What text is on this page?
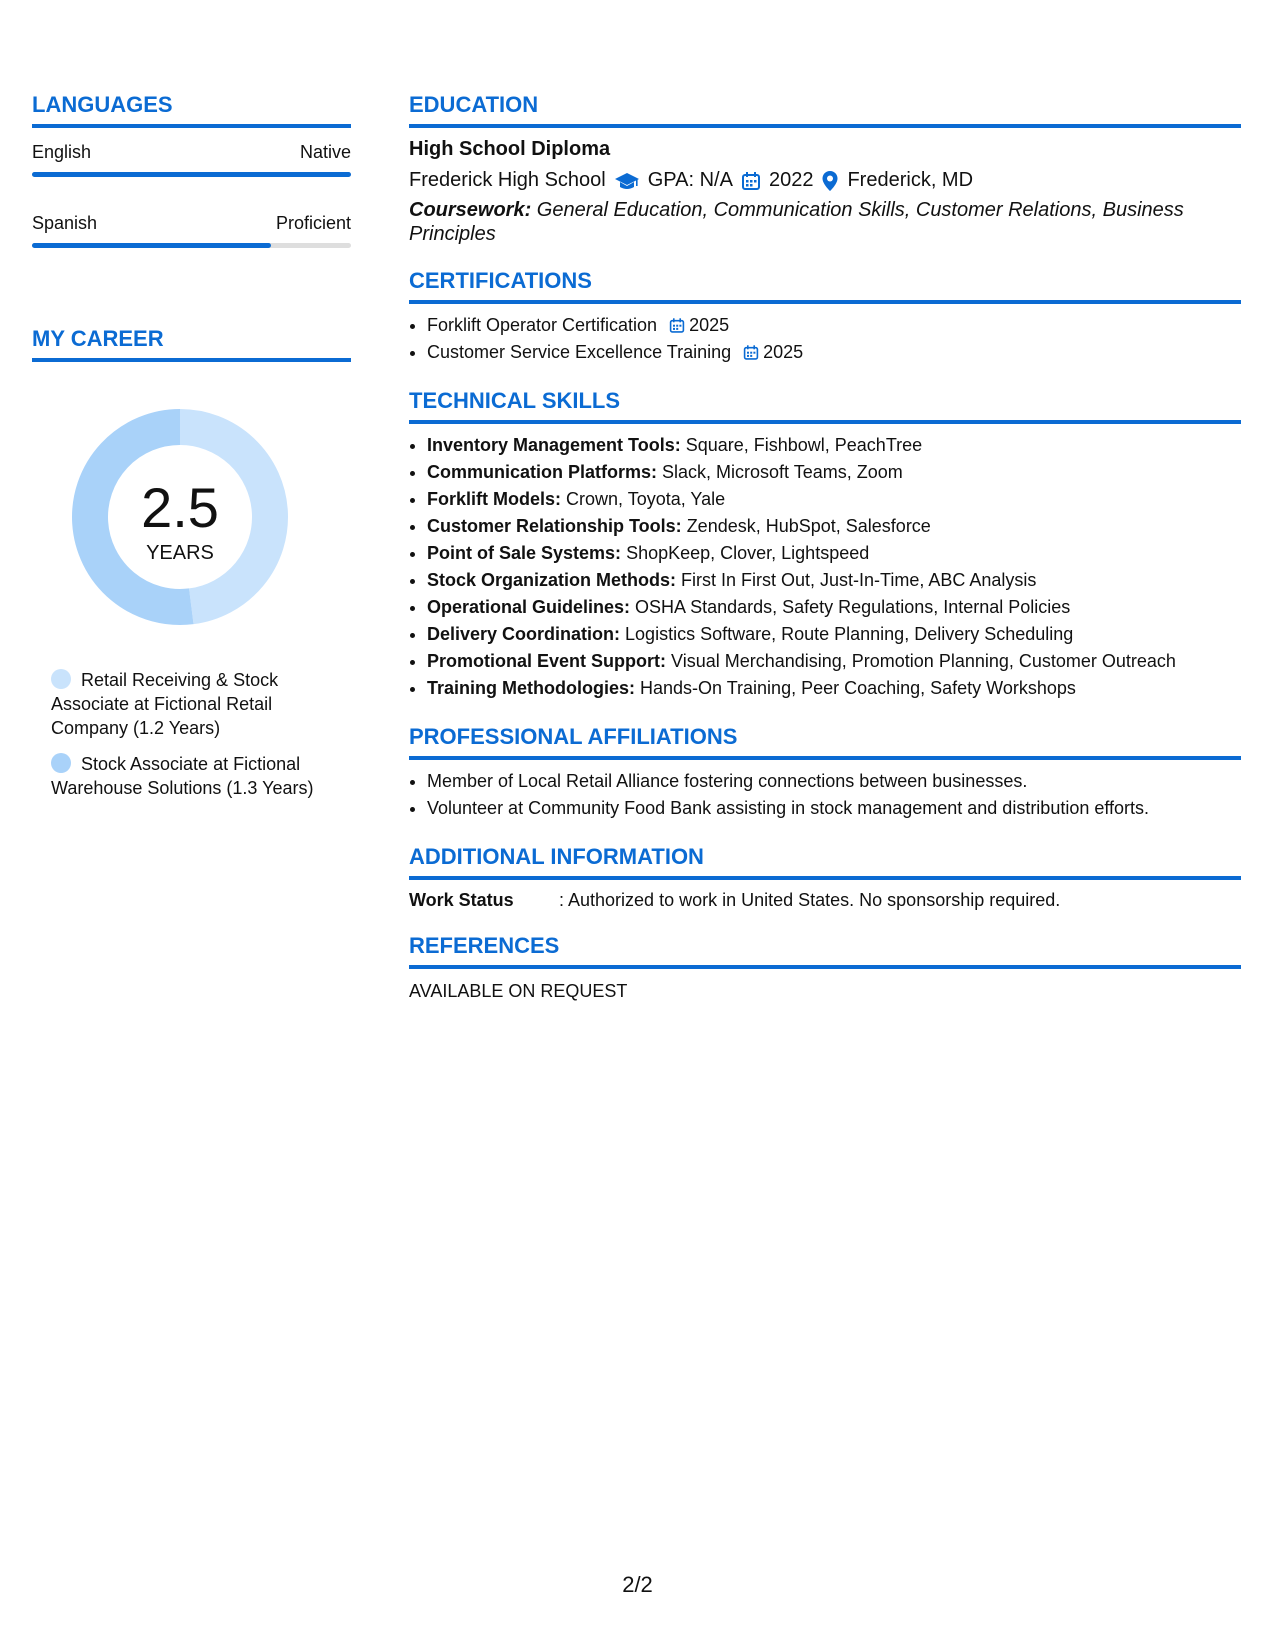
LANGUAGES
English	Native
Spanish	Proficient
MY CAREER
2.5
YEARS
Retail Receiving & Stock Associate at Fictional Retail Company (1.2 Years)
Stock Associate at Fictional Warehouse Solutions (1.3 Years)
EDUCATION
High School Diploma
Frederick High School GPA: N/A 2022 Frederick, MD
Coursework: General Education, Communication Skills, Customer Relations, Business Principles
CERTIFICATIONS
• Forklift Operator Certification 2025
• Customer Service Excellence Training 2025
TECHNICAL SKILLS
• Inventory Management Tools: Square, Fishbowl, PeachTree
• Communication Platforms: Slack, Microsoft Teams, Zoom
• Forklift Models: Crown, Toyota, Yale
• Customer Relationship Tools: Zendesk, HubSpot, Salesforce
• Point of Sale Systems: ShopKeep, Clover, Lightspeed
• Stock Organization Methods: First In First Out, Just-In-Time, ABC Analysis
• Operational Guidelines: OSHA Standards, Safety Regulations, Internal Policies
• Delivery Coordination: Logistics Software, Route Planning, Delivery Scheduling
• Promotional Event Support: Visual Merchandising, Promotion Planning, Customer Outreach
• Training Methodologies: Hands-On Training, Peer Coaching, Safety Workshops
PROFESSIONAL AFFILIATIONS
• Member of Local Retail Alliance fostering connections between businesses.
• Volunteer at Community Food Bank assisting in stock management and distribution efforts.
ADDITIONAL INFORMATION
Work Status	: Authorized to work in United States. No sponsorship required.
REFERENCES
AVAILABLE ON REQUEST
2/2
